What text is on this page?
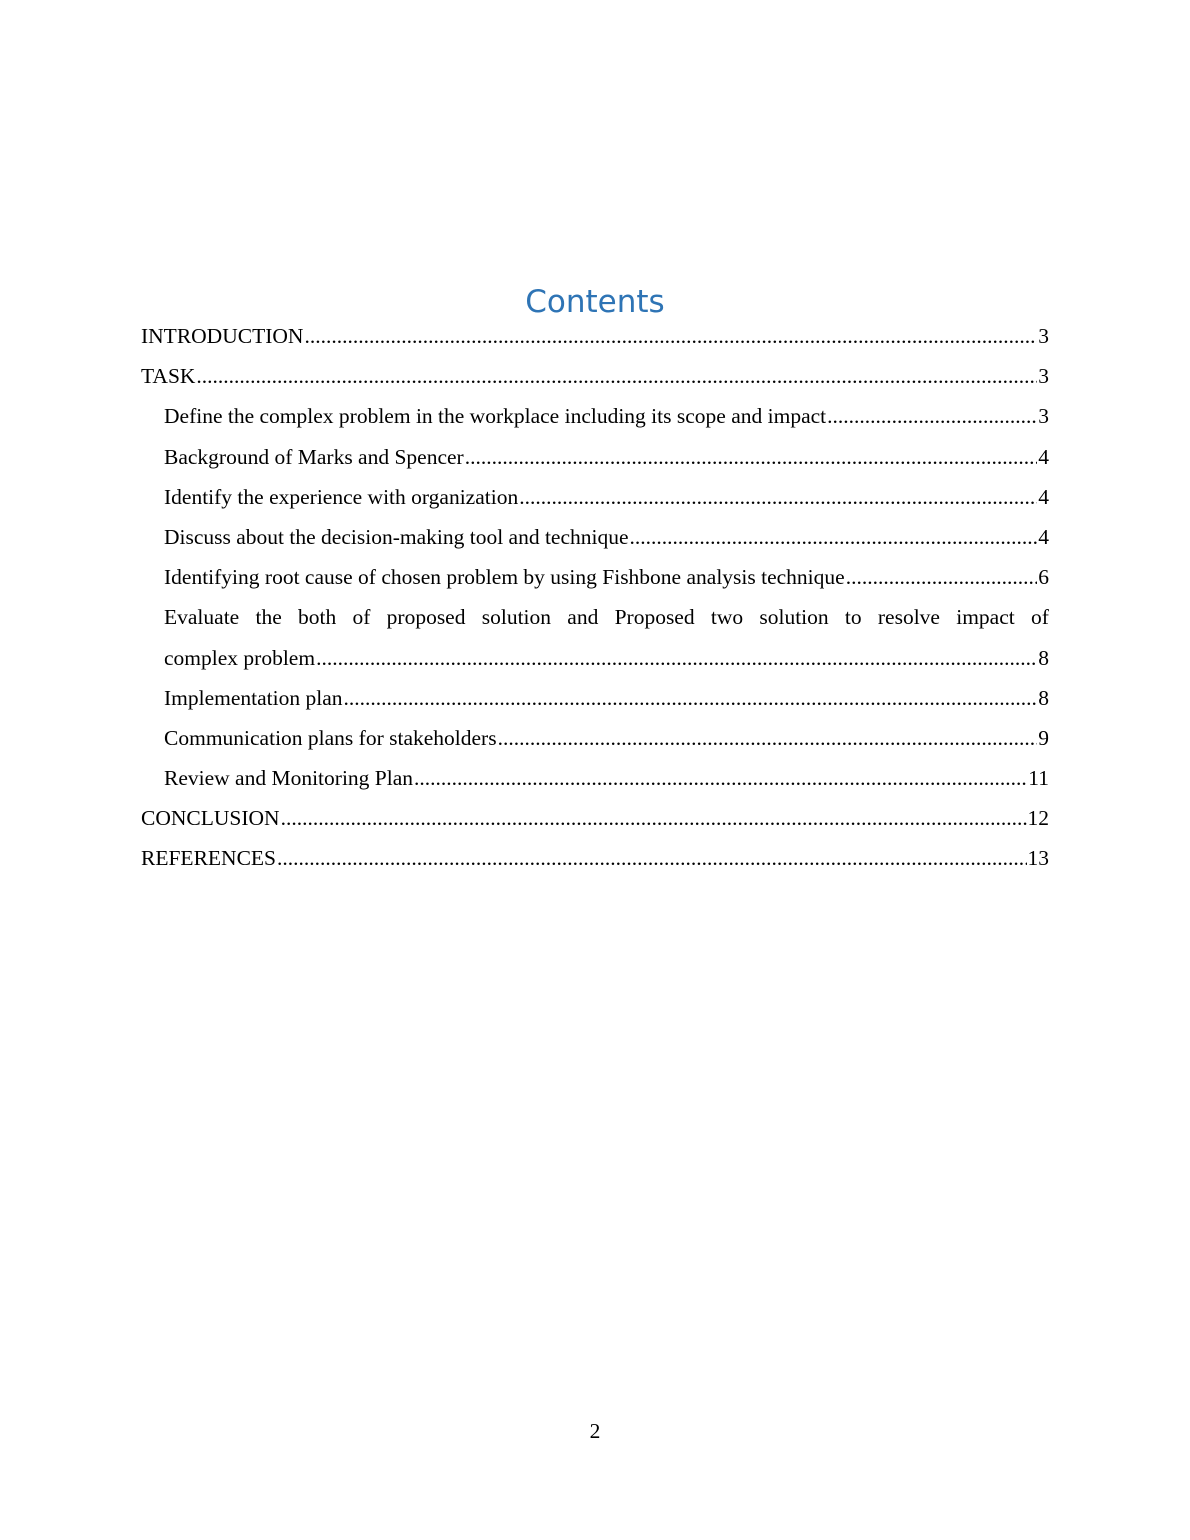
Contents
INTRODUCTION .....	3
TASK .....	3
Define the complex problem in the workplace including its scope and impact .....	3
Background of Marks and Spencer .....	4
Identify the experience with organization .....	4
Discuss about the decision-making tool and technique .....	4
Identifying root cause of chosen problem by using Fishbone analysis technique .....	6
Evaluate the both of proposed solution and Proposed two solution to resolve impact of
complex problem .....	8
Implementation plan .....	8
Communication plans for stakeholders .....	9
Review and Monitoring Plan .....	11
CONCLUSION .....	12
REFERENCES .....	13
2
